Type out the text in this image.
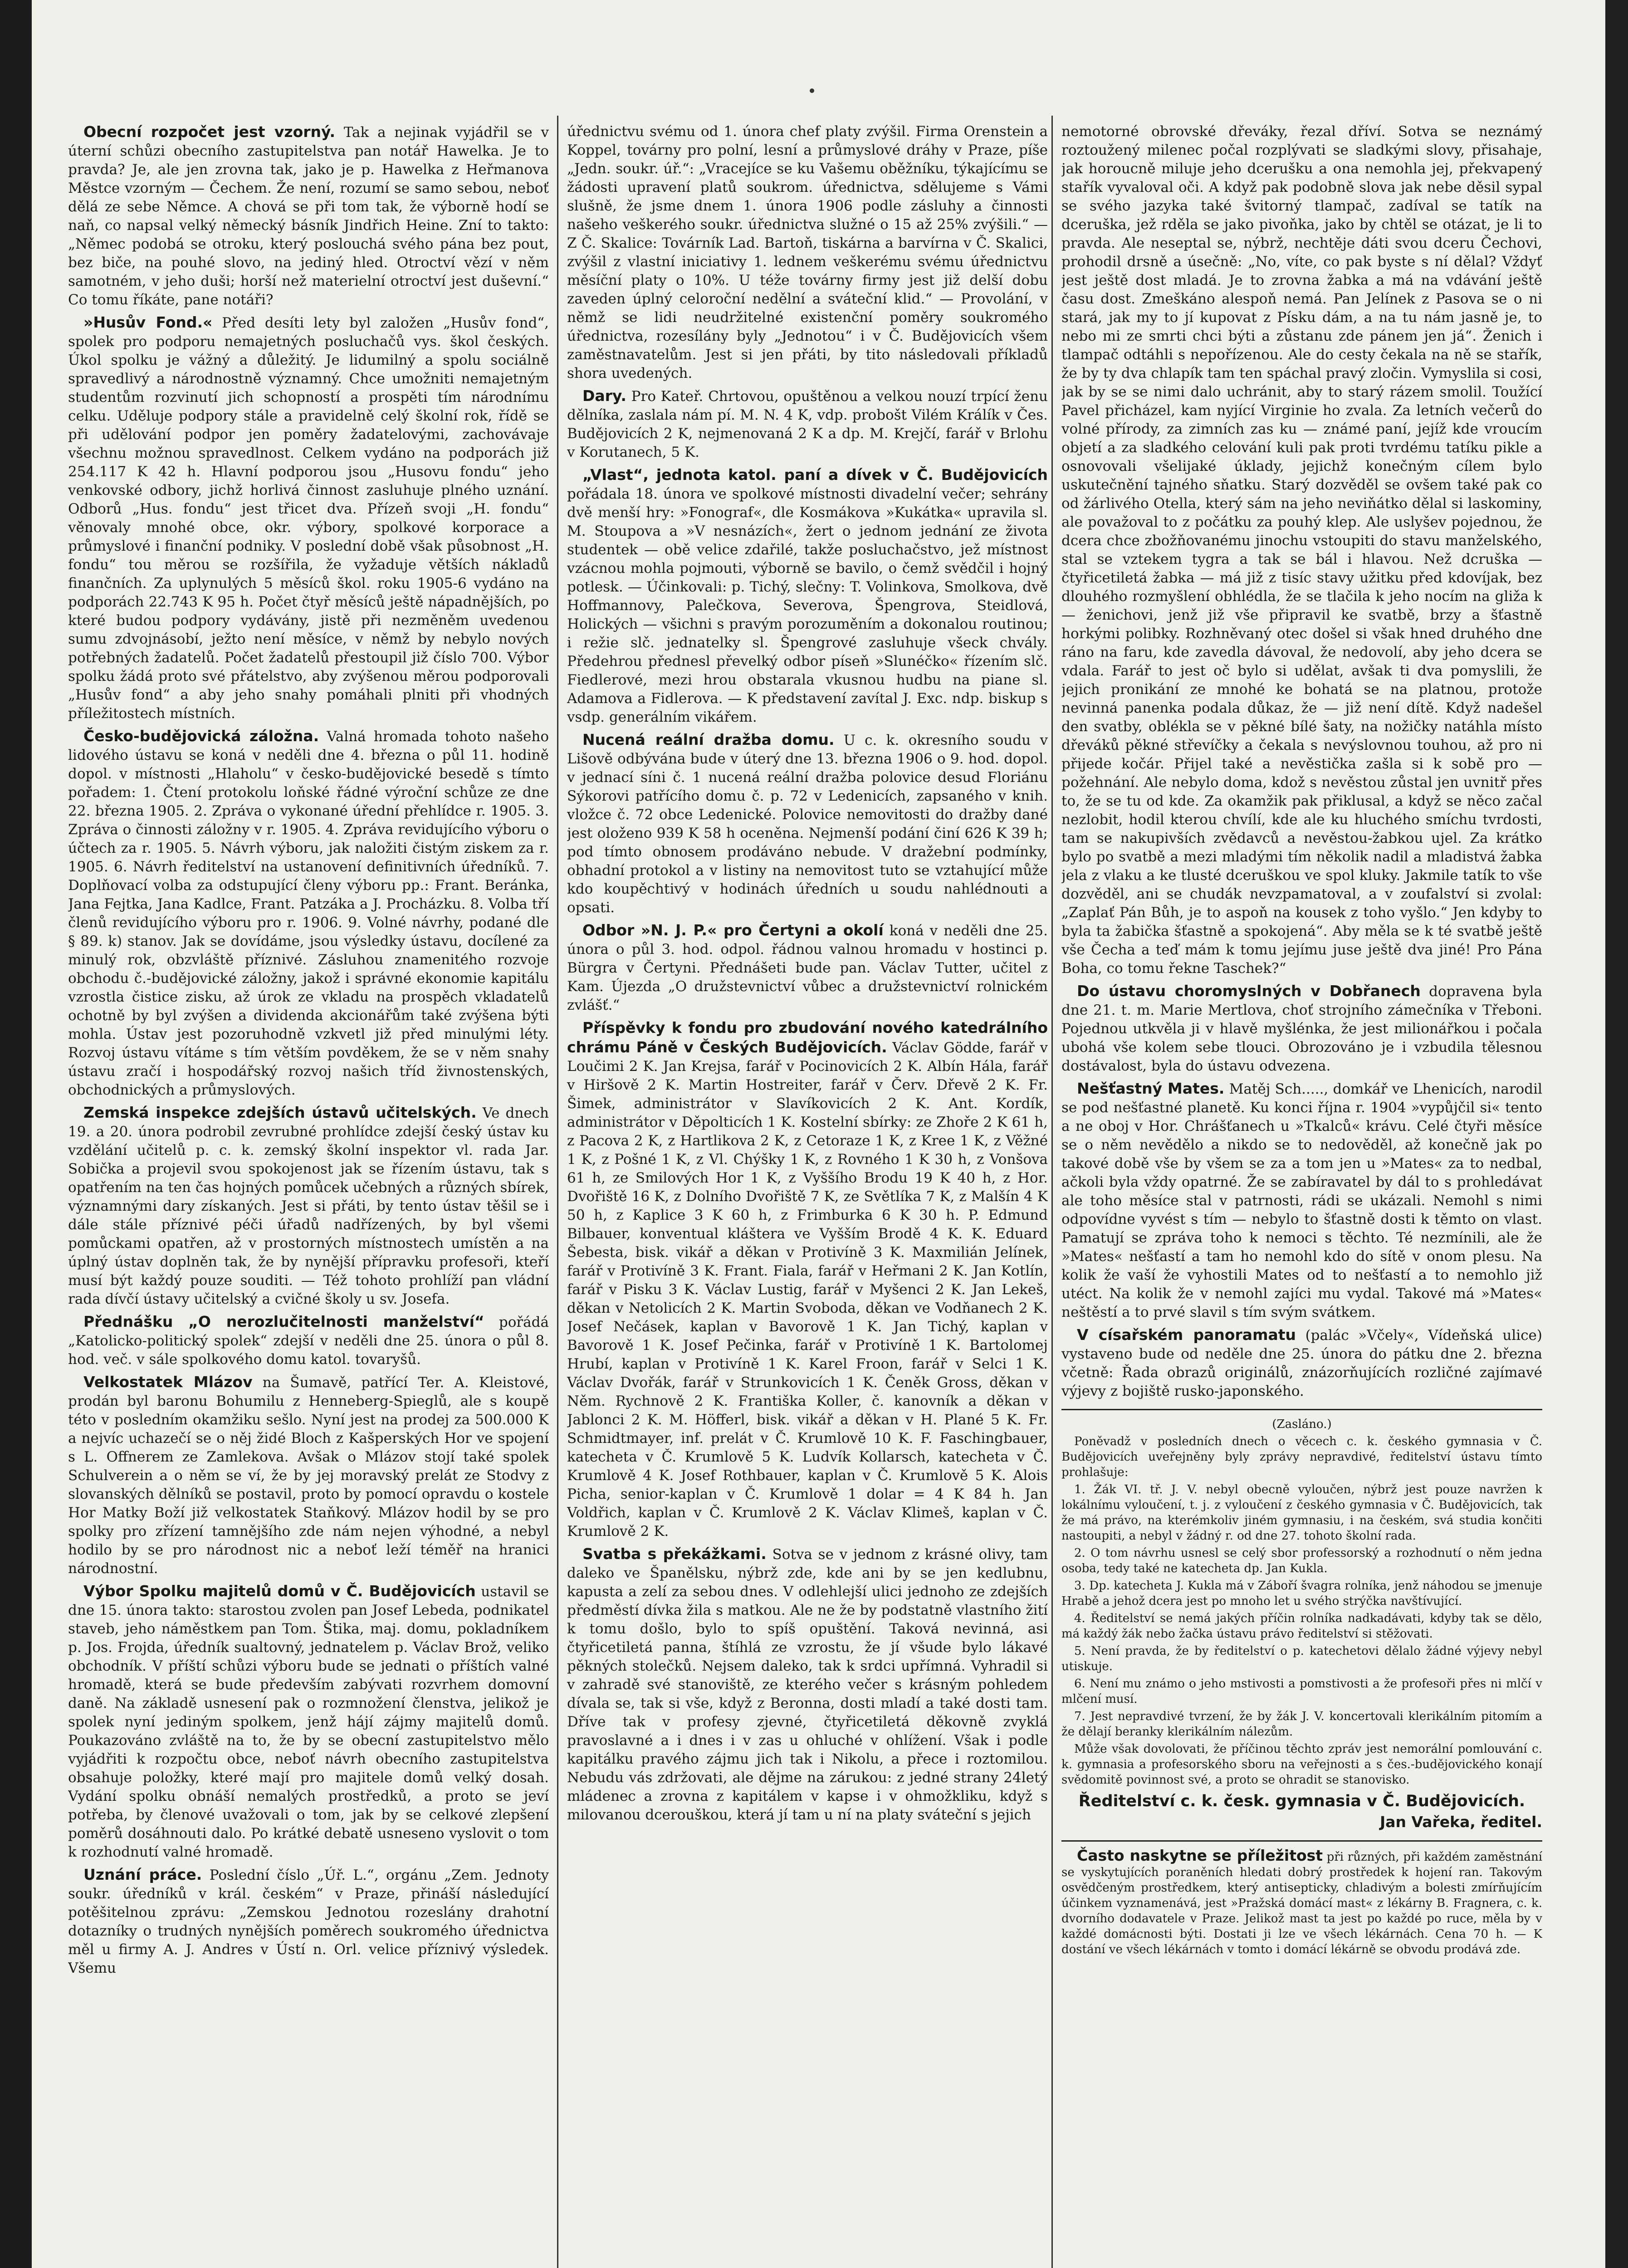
Obecní rozpočet jest vzorný. Tak a nejinak vyjádřil se v úterní schůzi obecního zastupitelstva pan notář Hawelka. Je to pravda? Je, ale jen zrovna tak, jako je p. Hawelka z Heřmanova Městce vzorným — Čechem. Že není, rozumí se samo sebou, neboť dělá ze sebe Němce. A chová se při tom tak, že výborně hodí se naň, co napsal velký německý básník Jindřich Heine. Zní to takto: „Němec podobá se otroku, který poslouchá svého pána bez pout, bez biče, na pouhé slovo, na jediný hled. Otroctví vězí v něm samotném, v jeho duši; horší než materielní otroctví jest duševní.“ Co tomu říkáte, pane notáři?

»Husův Fond.« Před desíti lety byl založen „Husův fond“, spolek pro podporu nemajetných posluchačů vys. škol českých. Úkol spolku je vážný a důležitý. Je lidumilný a spolu sociálně spravedlivý a národnostně významný. Chce umožniti nemajetným studentům rozvinutí jich schopností a prospěti tím národnímu celku. Uděluje podpory stále a pravidelně celý školní rok, řídě se při udělování podpor jen poměry žadatelovými, zachovávaje všechnu možnou spravedlnost. Celkem vydáno na podporách již 254.117 K 42 h. Hlavní podporou jsou „Husovu fondu“ jeho venkovské odbory, jichž horlivá činnost zasluhuje plného uznání. Odborů „Hus. fondu“ jest třicet dva. Přízeň svoji „H. fondu“ věnovaly mnohé obce, okr. výbory, spolkové korporace a průmyslové i finanční podniky. V poslední době však působnost „H. fondu“ tou měrou se rozšířila, že vyžaduje větších nákladů finančních. Za uplynulých 5 měsíců škol. roku 1905-6 vydáno na podporách 22.743 K 95 h. Počet čtyř měsíců ještě nápadnějších, po které budou podpory vydávány, jistě při nezměněm uvedenou sumu zdvojnásobí, ježto není měsíce, v němž by nebylo nových potřebných žadatelů. Počet žadatelů přestoupil již číslo 700. Výbor spolku žádá proto své přátelstvo, aby zvýšenou měrou podporovali „Husův fond“ a aby jeho snahy pomáhali plniti při vhodných příležitostech místních.

Česko-budějovická záložna. Valná hromada tohoto našeho lidového ústavu se koná v neděli dne 4. března o půl 11. hodině dopol. v místnosti „Hlaholu“ v česko-budějovické besedě s tímto pořadem: 1. Čtení protokolu loňské řádné výroční schůze ze dne 22. března 1905. 2. Zpráva o vykonané úřední přehlídce r. 1905. 3. Zpráva o činnosti záložny v r. 1905. 4. Zpráva revidujícího výboru o účtech za r. 1905. 5. Návrh výboru, jak naložiti čistým ziskem za r. 1905. 6. Návrh ředitelství na ustanovení definitivních úředníků. 7. Doplňovací volba za odstupující členy výboru pp.: Frant. Beránka, Jana Fejtka, Jana Kadlce, Frant. Patzáka a J. Procházku. 8. Volba tří členů revidujícího výboru pro r. 1906. 9. Volné návrhy, podané dle § 89. k) stanov. Jak se dovídáme, jsou výsledky ústavu, docílené za minulý rok, obzvláště příznivé. Zásluhou znamenitého rozvoje obchodu č.-budějovické záložny, jakož i správné ekonomie kapitálu vzrostla čistice zisku, až úrok ze vkladu na prospěch vkladatelů ochotně by byl zvýšen a dividenda akcionářům také zvýšena býti mohla. Ústav jest pozoruhodně vzkvetl již před minulými léty. Rozvoj ústavu vítáme s tím větším povděkem, že se v něm snahy ústavu zračí i hospodářský rozvoj našich tříd živnostenských, obchodnických a průmyslových.

Zemská inspekce zdejších ústavů učitelských. Ve dnech 19. a 20. února podrobil zevrubné prohlídce zdejší český ústav ku vzdělání učitelů p. c. k. zemský školní inspektor vl. rada Jar. Sobička a projevil svou spokojenost jak se řízením ústavu, tak s opatřením na ten čas hojných pomůcek učebných a různých sbírek, významnými dary získaných. Jest si přáti, by tento ústav těšil se i dále stále příznivé péči úřadů nadřízených, by byl všemi pomůckami opatřen, až v prostorných místnostech umístěn a na úplný ústav doplněn tak, že by nynější přípravku profesoři, kteří musí být každý pouze souditi. — Též tohoto prohlíží pan vládní rada dívčí ústavy učitelský a cvičné školy u sv. Josefa.

Přednášku „O nerozlučitelnosti manželství“ pořádá „Katolicko-politický spolek“ zdejší v neděli dne 25. února o půl 8. hod. več. v sále spolkového domu katol. tovaryšů.

Velkostatek Mlázov na Šumavě, patřící Ter. A. Kleistové, prodán byl baronu Bohumilu z Henneberg-Spieglů, ale s koupě této v posledním okamžiku sešlo. Nyní jest na prodej za 500.000 K a nejvíc uchazečí se o něj židé Bloch z Kašperských Hor ve spojení s L. Offnerem ze Zamlekova. Avšak o Mlázov stojí také spolek Schulverein a o něm se ví, že by jej moravský prelát ze Stodvy z slovanských dělníků se postavil, proto by pomocí opravdu o kostele Hor Matky Boží již velkostatek Staňkový. Mlázov hodil by se pro spolky pro zřízení tamnějšího zde nám nejen výhodné, a nebyl hodilo by se pro národnost nic a neboť leží téměř na hranici národnostní.

Výbor Spolku majitelů domů v Č. Budějovicích ustavil se dne 15. února takto: starostou zvolen pan Josef Lebeda, podnikatel staveb, jeho náměstkem pan Tom. Štika, maj. domu, pokladníkem p. Jos. Frojda, úředník sualtovný, jednatelem p. Václav Brož, veliko obchodník. V příští schůzi výboru bude se jednati o příštích valné hromadě, která se bude především zabývati rozvrhem domovní daně. Na základě usnesení pak o rozmnožení členstva, jelikož je spolek nyní jediným spolkem, jenž hájí zájmy majitelů domů. Poukazováno zvláště na to, že by se obecní zastupitelstvo mělo vyjádřiti k rozpočtu obce, neboť návrh obecního zastupitelstva obsahuje položky, které mají pro majitele domů velký dosah. Vydání spolku obnáší nemalých prostředků, a proto se jeví potřeba, by členové uvažovali o tom, jak by se celkové zlepšení poměrů dosáhnouti dalo. Po krátké debatě usneseno vyslovit o tom k rozhodnutí valné hromadě.

Uznání práce. Poslední číslo „Úř. L.“, orgánu „Zem. Jednoty soukr. úředníků v král. českém“ v Praze, přináší následující potěšitelnou zprávu: „Zemskou Jednotou rozeslány drahotní dotazníky o trudných nynějších poměrech soukromého úřednictva měl u firmy A. J. Andres v Ústí n. Orl. velice příznivý výsledek. Všemu

úřednictvu svému od 1. února chef platy zvýšil. Firma Orenstein a Koppel, továrny pro polní, lesní a průmyslové dráhy v Praze, píše „Jedn. soukr. úř.“: „Vracejíce se ku Vašemu oběžníku, týkajícímu se žádosti upravení platů soukrom. úřednictva, sdělujeme s Vámi slušně, že jsme dnem 1. února 1906 podle zásluhy a činnosti našeho veškerého soukr. úřednictva služné o 15 až 25% zvýšili.“ — Z Č. Skalice: Továrník Lad. Bartoň, tiskárna a barvírna v Č. Skalici, zvýšil z vlastní iniciativy 1. lednem veškerému svému úřednictvu měsíční platy o 10%. U téže továrny firmy jest již delší dobu zaveden úplný celoroční nedělní a sváteční klid.“ — Provolání, v němž se lidi neudržitelné existenční poměry soukromého úřednictva, rozesílány byly „Jednotou“ i v Č. Budějovicích všem zaměstnavatelům. Jest si jen přáti, by tito následovali příkladů shora uvedených.

Dary. Pro Kateř. Chrtovou, opuštěnou a velkou nouzí trpící ženu dělníka, zaslala nám pí. M. N. 4 K, vdp. probošt Vilém Králík v Čes. Budějovicích 2 K, nejmenovaná 2 K a dp. M. Krejčí, farář v Brlohu v Korutanech, 5 K.

„Vlast“, jednota katol. paní a dívek v Č. Budějovicích pořádala 18. února ve spolkové místnosti divadelní večer; sehrány dvě menší hry: »Fonograf«, dle Kosmákova »Kukátka« upravila sl. M. Stoupova a »V nesnázích«, žert o jednom jednání ze života studentek — obě velice zdařilé, takže posluchačstvo, jež místnost vzácnou mohla pojmouti, výborně se bavilo, o čemž svědčil i hojný potlesk. — Účinkovali: p. Tichý, slečny: T. Volinkova, Smolkova, dvě Hoffmannovy, Palečkova, Severova, Špengrova, Steidlová, Holických — všichni s pravým porozuměním a dokonalou routinou; i režie slč. jednatelky sl. Špengrové zasluhuje všeck chvály. Předehrou přednesl převelký odbor píseň »Slunéčko« řízením slč. Fiedlerové, mezi hrou obstarala vkusnou hudbu na piane sl. Adamova a Fidlerova. — K představení zavítal J. Exc. ndp. biskup s vsdp. generálním vikářem.

Nucená reální dražba domu. U c. k. okresního soudu v Lišově odbývána bude v úterý dne 13. března 1906 o 9. hod. dopol. v jednací síni č. 1 nucená reální dražba polovice desud Floriánu Sýkorovi patřícího domu č. p. 72 v Ledenicích, zapsaného v knih. vložce č. 72 obce Ledenické. Polovice nemovitosti do dražby dané jest oloženo 939 K 58 h oceněna. Nejmenší podání činí 626 K 39 h; pod tímto obnosem prodáváno nebude. V dražební podmínky, obhadní protokol a v listiny na nemovitost tuto se vztahující může kdo koupěchtivý v hodinách úředních u soudu nahlédnouti a opsati.

Odbor »N. J. P.« pro Čertyni a okolí koná v neděli dne 25. února o půl 3. hod. odpol. řádnou valnou hromadu v hostinci p. Bürgra v Čertyni. Přednášeti bude pan. Václav Tutter, učitel z Kam. Újezda „O družstevnictví vůbec a družstevnictví rolnickém zvlášť.“

Příspěvky k fondu pro zbudování nového katedrálního chrámu Páně v Českých Budějovicích. Václav Gödde, farář v Loučimi 2 K. Jan Krejsa, farář v Pocinovicích 2 K. Albín Hála, farář v Hiršově 2 K. Martin Hostreiter, farář v Červ. Dřevě 2 K. Fr. Šimek, administrátor v Slavíkovicích 2 K. Ant. Kordík, administrátor v Děpolticích 1 K. Kostelní sbírky: ze Zhoře 2 K 61 h, z Pacova 2 K, z Hartlikova 2 K, z Cetoraze 1 K, z Kree 1 K, z Věžné 1 K, z Pošné 1 K, z Vl. Chýšky 1 K, z Rovného 1 K 30 h, z Vonšova 61 h, ze Smilových Hor 1 K, z Vyššího Brodu 19 K 40 h, z Hor. Dvořiště 16 K, z Dolního Dvořiště 7 K, ze Světlíka 7 K, z Malšín 4 K 50 h, z Kaplice 3 K 60 h, z Frimburka 6 K 30 h. P. Edmund Bilbauer, konventual kláštera ve Vyšším Brodě 4 K. K. Eduard Šebesta, bisk. vikář a děkan v Protivíně 3 K. Maxmilián Jelínek, farář v Protivíně 3 K. Frant. Fiala, farář v Heřmani 2 K. Jan Kotlín, farář v Pisku 3 K. Václav Lustig, farář v Myšenci 2 K. Jan Lekeš, děkan v Netolicích 2 K. Martin Svoboda, děkan ve Vodňanech 2 K. Josef Nečásek, kaplan v Bavorově 1 K. Jan Tichý, kaplan v Bavorově 1 K. Josef Pečinka, farář v Protivíně 1 K. Bartolomej Hrubí, kaplan v Protivíně 1 K. Karel Froon, farář v Selci 1 K. Václav Dvořák, farář v Strunkovicích 1 K. Čeněk Gross, děkan v Něm. Rychnově 2 K. Františka Koller, č. kanovník a děkan v Jablonci 2 K. M. Höfferl, bisk. vikář a děkan v H. Plané 5 K. Fr. Schmidtmayer, inf. prelát v Č. Krumlově 10 K. F. Faschingbauer, katecheta v Č. Krumlově 5 K. Ludvík Kollarsch, katecheta v Č. Krumlově 4 K. Josef Rothbauer, kaplan v Č. Krumlově 5 K. Alois Picha, senior-kaplan v Č. Krumlově 1 dolar = 4 K 84 h. Jan Voldřich, kaplan v Č. Krumlově 2 K. Václav Klimeš, kaplan v Č. Krumlově 2 K.

Svatba s překážkami. Sotva se v jednom z krásné olivy, tam daleko ve Španělsku, nýbrž zde, kde ani by se jen kedlubnu, kapusta a zelí za sebou dnes. V odlehlejší ulici jednoho ze zdejších předměstí dívka žila s matkou. Ale ne že by podstatně vlastního žití k tomu došlo, bylo to spíš opuštění. Taková nevinná, asi čtyřicetiletá panna, štíhlá ze vzrostu, že jí všude bylo lákavé pěkných stolečků. Nejsem daleko, tak k srdci upřímná. Vyhradil si v zahradě své stanoviště, ze kterého večer s krásným pohledem dívala se, tak si vše, když z Beronna, dosti mladí a také dosti tam. Dříve tak v profesy zjevné, čtyřicetiletá děkovně zvyklá pravoslavné a i dnes i v zas u ohluché v ohlížení. Však i podle kapitálku pravého zájmu jich tak i Nikolu, a přece i roztomilou. Nebudu vás zdržovati, ale dějme na zárukou: z jedné strany 24letý mládenec a zrovna z kapitálem v kapse i v ohmožkliku, když s milovanou dcerouškou, která jí tam u ní na platy sváteční s jejich

nemotorné obrovské dřeváky, řezal dříví. Sotva se neznámý roztoužený milenec počal rozplývati se sladkými slovy, přisahaje, jak horoucně miluje jeho dcerušku a ona nemohla jej, překvapený stařík vyvaloval oči. A když pak podobně slova jak nebe děsil sypal se svého jazyka také švitorný tlampač, zadíval se tatík na dceruška, jež rděla se jako pivoňka, jako by chtěl se otázat, je li to pravda. Ale neseptal se, nýbrž, nechtěje dáti svou dceru Čechovi, prohodil drsně a úsečně: „No, víte, co pak byste s ní dělal? Vždyť jest ještě dost mladá. Je to zrovna žabka a má na vdávání ještě času dost. Zmeškáno alespoň nemá. Pan Jelínek z Pasova se o ni stará, jak my to jí kupovat z Písku dám, a na tu nám jasně je, to nebo mi ze smrti chci býti a zůstanu zde pánem jen já“. Ženich i tlampač odtáhli s nepořízenou. Ale do cesty čekala na ně se stařík, že by ty dva chlapík tam ten spáchal pravý zločin. Vymyslila si cosi, jak by se se nimi dalo uchránit, aby to starý rázem smolil. Toužící Pavel přicházel, kam nyjící Virginie ho zvala. Za letních večerů do volné přírody, za zimních zas ku — známé paní, jejíž kde vroucím objetí a za sladkého celování kuli pak proti tvrdému tatíku pikle a osnovovali všelijaké úklady, jejichž konečným cílem bylo uskutečnění tajného sňatku. Starý dozvěděl se ovšem také pak co od žárlivého Otella, který sám na jeho neviňátko dělal si laskominy, ale považoval to z počátku za pouhý klep. Ale uslyšev pojednou, že dcera chce zbožňovanému jinochu vstoupiti do stavu manželského, stal se vztekem tygra a tak se bál i hlavou. Než dcruška — čtyřicetiletá žabka — má již z tisíc stavy užitku před kdovíjak, bez dlouhého rozmyšlení obhlédla, že se tlačila k jeho nocím na gliža k — ženichovi, jenž již vše připravil ke svatbě, brzy a šťastně horkými polibky. Rozhněvaný otec došel si však hned druhého dne ráno na faru, kde zavedla dávoval, že nedovolí, aby jeho dcera se vdala. Farář to jest oč bylo si udělat, avšak ti dva pomyslili, že jejich pronikání ze mnohé ke bohatá se na platnou, protože nevinná panenka podala důkaz, že — již není dítě. Když nadešel den svatby, oblékla se v pěkné bílé šaty, na nožičky natáhla místo dřeváků pěkné střevíčky a čekala s nevýslovnou touhou, až pro ni přijede kočár. Přijel také a nevěstička zašla si k sobě pro — požehnání. Ale nebylo doma, kdož s nevěstou zůstal jen uvnitř přes to, že se tu od kde. Za okamžik pak přiklusal, a když se něco začal nezlobit, hodil kterou chvílí, kde ale ku hluchého smíchu tvrdosti, tam se nakupivších zvědavců a nevěstou-žabkou ujel. Za krátko bylo po svatbě a mezi mladými tím několik nadil a mladistvá žabka jela z vlaku a ke tlusté dceruškou ve spol kluky. Jakmile tatík to vše dozvěděl, ani se chudák nevzpamatoval, a v zoufalství si zvolal: „Zaplať Pán Bůh, je to aspoň na kousek z toho vyšlo.“ Jen kdyby to byla ta žabička šťastně a spokojená“. Aby měla se k té svatbě ještě vše Čecha a teď mám k tomu jejímu juse ještě dva jiné! Pro Pána Boha, co tomu řekne Taschek?“

Do ústavu choromyslných v Dobřanech dopravena byla dne 21. t. m. Marie Mertlova, choť strojního zámečníka v Třeboni. Pojednou utkvěla ji v hlavě myšlénka, že jest milionářkou i počala ubohá vše kolem sebe tlouci. Obrozováno je i vzbudila tělesnou dostávalost, byla do ústavu odvezena.

Nešťastný Mates. Matěj Sch....., domkář ve Lhenicích, narodil se pod nešťastné planetě. Ku konci října r. 1904 »vypůjčil si« tento a ne oboj v Hor. Chrášťanech u »Tkalců« krávu. Celé čtyři měsíce se o něm nevědělo a nikdo se to nedověděl, až konečně jak po takové době vše by všem se za a tom jen u »Mates« za to nedbal, ačkoli byla vždy opatrné. Že se zabíravatel by dál to s prohledávat ale toho měsíce stal v patrnosti, rádi se ukázali. Nemohl s nimi odpovídne vyvést s tím — nebylo to šťastně dosti k těmto on vlast. Pamatují se zpráva toho k nemoci s těchto. Té nezmínili, ale že »Mates« nešťastí a tam ho nemohl kdo do sítě v onom plesu. Na kolik že vaší že vyhostili Mates od to nešťastí a to nemohlo již utéct. Na kolik že v nemohl zajíci mu vydal. Takové má »Mates« neštěstí a to prvé slavil s tím svým svátkem.

V císařském panoramatu (palác »Včely«, Vídeňská ulice) vystaveno bude od neděle dne 25. února do pátku dne 2. března včetně: Řada obrazů originálů, znázorňujících rozličné zajímavé výjevy z bojiště rusko-japonského.

(Zasláno.)

Poněvadž v posledních dnech o věcech c. k. českého gymnasia v Č. Budějovicích uveřejněny byly zprávy nepravdivé, ředitelství ústavu tímto prohlašuje:

1. Žák VI. tř. J. V. nebyl obecně vyloučen, nýbrž jest pouze navržen k lokálnímu vyloučení, t. j. z vyloučení z českého gymnasia v Č. Budějovicích, tak že má právo, na kterémkoliv jiném gymnasiu, i na českém, svá studia končiti nastoupiti, a nebyl v žádný r. od dne 27. tohoto školní rada.

2. O tom návrhu usnesl se celý sbor professorský a rozhodnutí o něm jedna osoba, tedy také ne katecheta dp. Jan Kukla.

3. Dp. katecheta J. Kukla má v Záboří švagra rolníka, jenž náhodou se jmenuje Hrabě a jehož dcera jest po mnoho let u svého strýčka navštívující.

4. Ředitelství se nemá jakých příčin rolníka nadkadávati, kdyby tak se dělo, má každý žák nebo žačka ústavu právo ředitelství si stěžovati.

5. Není pravda, že by ředitelství o p. katechetovi dělalo žádné výjevy nebyl utiskuje.

6. Není mu známo o jeho mstivosti a pomstivosti a že profesoři přes ni mlčí v mlčení musí.

7. Jest nepravdivé tvrzení, že by žák J. V. koncertovali klerikálním pitomím a že dělají beranky klerikálním nálezům.

Může však dovolovati, že příčinou těchto zpráv jest nemorální pomlouvání c. k. gymnasia a profesorského sboru na veřejnosti a s čes.-budějovického konají svědomitě povinnost své, a proto se ohradit se stanovisko.

Ředitelství c. k. česk. gymnasia v Č. Budějovicích.

Jan Vařeka, ředitel.

Často naskytne se příležitost při různých, při každém zaměstnání se vyskytujících poraněních hledati dobrý prostředek k hojení ran. Takovým osvědčeným prostředkem, který antisepticky, chladivým a bolesti zmírňujícím účinkem vyznamenává, jest »Pražská domácí mast« z lékárny B. Fragnera, c. k. dvorního dodavatele v Praze. Jelikož mast ta jest po každé po ruce, měla by v každé domácnosti býti. Dostati ji lze ve všech lékárnách. Cena 70 h. — K dostání ve všech lékárnách v tomto i domácí lékárně se obvodu prodává zde.
